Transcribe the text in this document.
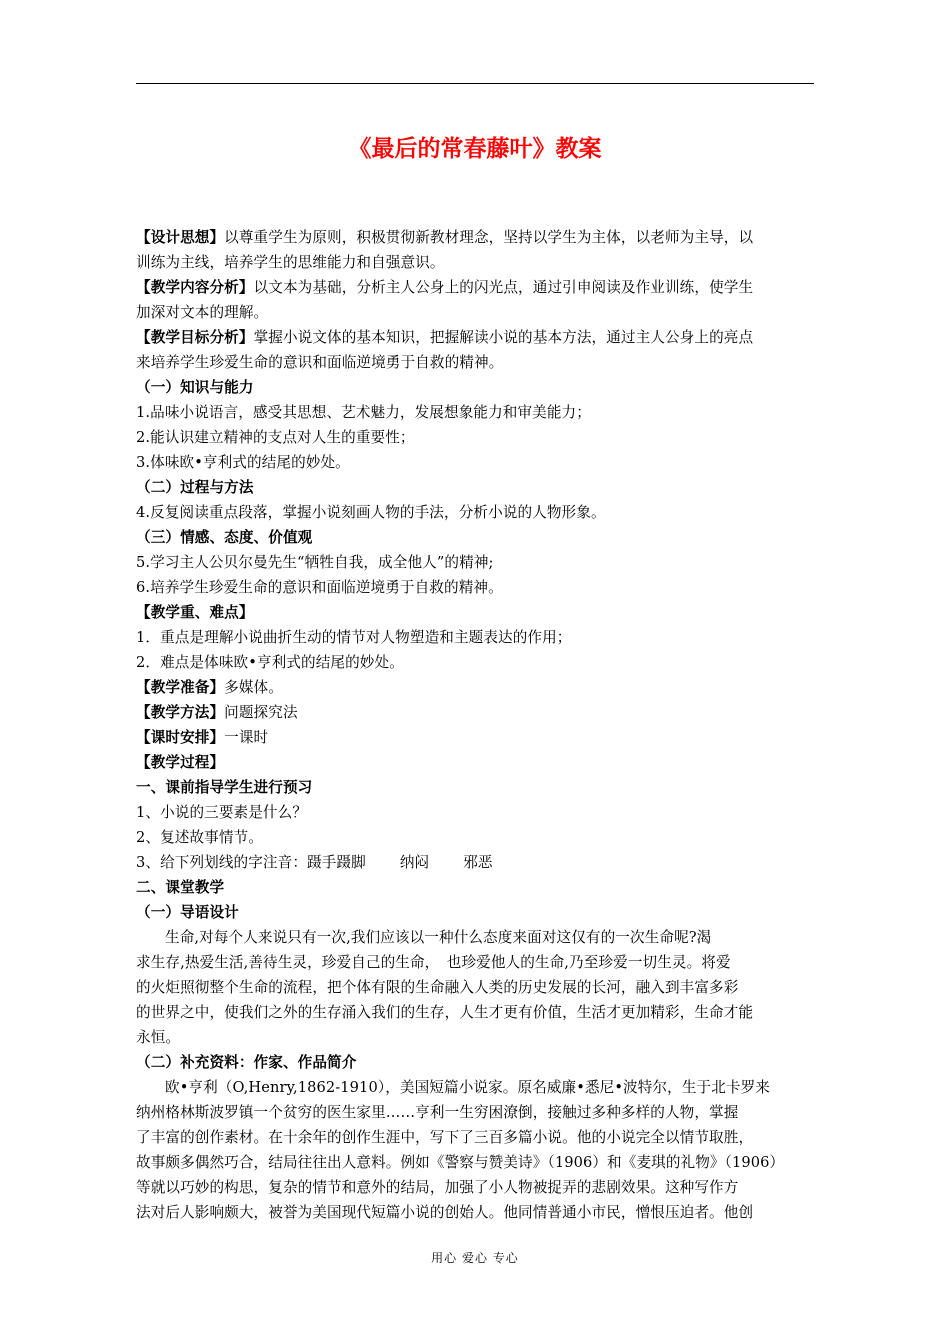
《最后的常春藤叶》教案
【设计思想】以尊重学生为原则，积极贯彻新教材理念，坚持以学生为主体，以老师为主导，以
训练为主线，培养学生的思维能力和自强意识。
【教学内容分析】以文本为基础，分析主人公身上的闪光点，通过引申阅读及作业训练，使学生
加深对文本的理解。
【教学目标分析】掌握小说文体的基本知识，把握解读小说的基本方法，通过主人公身上的亮点
来培养学生珍爱生命的意识和面临逆境勇于自救的精神。
（一）知识与能力
1.品味小说语言，感受其思想、艺术魅力，发展想象能力和审美能力；
2.能认识建立精神的支点对人生的重要性；
3.体味欧•亨利式的结尾的妙处。
（二）过程与方法
4.反复阅读重点段落，掌握小说刻画人物的手法，分析小说的人物形象。
（三）情感、态度、价值观
5.学习主人公贝尔曼先生“牺牲自我，成全他人”的精神;
6.培养学生珍爱生命的意识和面临逆境勇于自救的精神。
【教学重、难点】
1．重点是理解小说曲折生动的情节对人物塑造和主题表达的作用；
2．难点是体味欧•亨利式的结尾的妙处。
【教学准备】多媒体。
【教学方法】问题探究法
【课时安排】一课时
【教学过程】
一、课前指导学生进行预习
1、小说的三要素是什么？
2、复述故事情节。
3、给下列划线的字注音：蹑手蹑脚 纳闷 邪恶
二、课堂教学
（一）导语设计
生命,对每个人来说只有一次,我们应该以一种什么态度来面对这仅有的一次生命呢?渴
求生存,热爱生活,善待生灵，珍爱自己的生命，　也珍爱他人的生命,乃至珍爱一切生灵。将爱
的火炬照彻整个生命的流程，把个体有限的生命融入人类的历史发展的长河，融入到丰富多彩
的世界之中，使我们之外的生存涌入我们的生存，人生才更有价值，生活才更加精彩，生命才能
永恒。
（二）补充资料：作家、作品简介
欧•亨利（O,Henry,1862-1910），美国短篇小说家。原名威廉•悉尼•波特尔，生于北卡罗来
纳州格林斯波罗镇一个贫穷的医生家里……亨利一生穷困潦倒，接触过多种多样的人物，掌握
了丰富的创作素材。在十余年的创作生涯中，写下了三百多篇小说。他的小说完全以情节取胜，
故事颇多偶然巧合，结局往往出人意料。例如《警察与赞美诗》（1906）和《麦琪的礼物》（1906）
等就以巧妙的构思，复杂的情节和意外的结局，加强了小人物被捉弄的悲剧效果。这种写作方
法对后人影响颇大，被誉为美国现代短篇小说的创始人。他同情普通小市民，憎恨压迫者。他创
用心 爱心 专心
